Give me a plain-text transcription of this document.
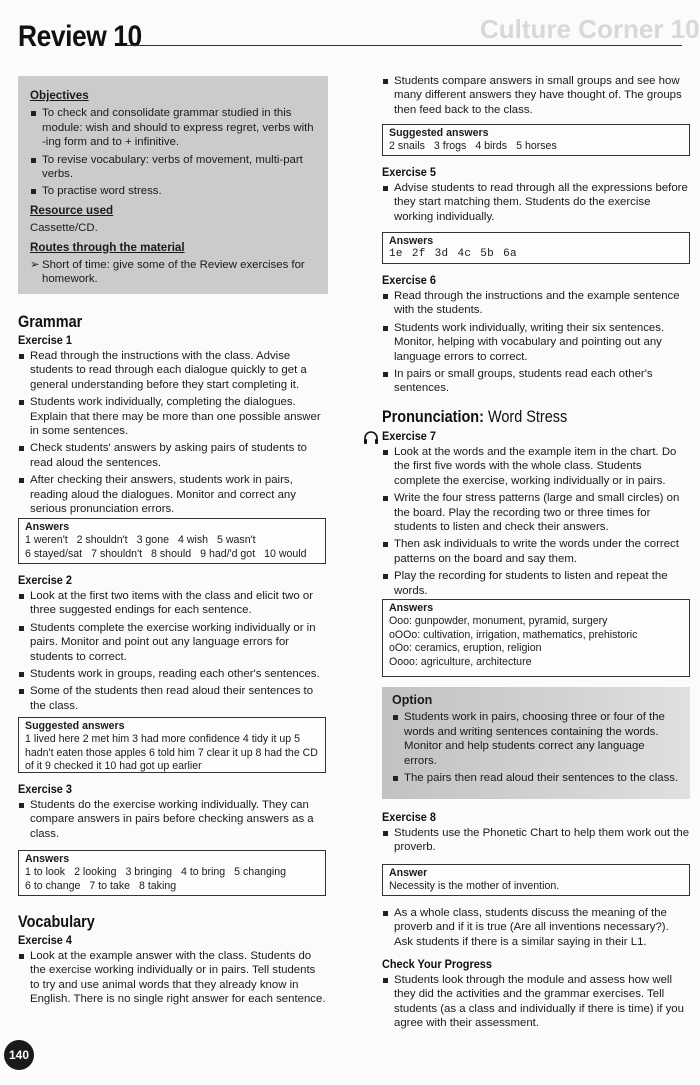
Culture Corner 10
Review 10
Objectives
To check and consolidate grammar studied in this module: wish and should to express regret, verbs with -ing form and to + infinitive.
To revise vocabulary: verbs of movement, multi-part verbs.
To practise word stress.
Resource used

Cassette/CD.

Routes through the material
➢ Short of time: give some of the Review exercises for homework.
Grammar
Exercise 1
Read through the instructions with the class. Advise students to read through each dialogue quickly to get a general understanding before they start completing it.
Students work individually, completing the dialogues. Explain that there may be more than one possible answer in some sentences.
Check students' answers by asking pairs of students to read aloud the sentences.
After checking their answers, students work in pairs, reading aloud the dialogues. Monitor and correct any serious pronunciation errors.
Answers
1 weren't 2 shouldn't 3 gone 4 wish 5 wasn't
6 stayed/sat 7 shouldn't 8 should 9 had/'d got 10 would
Exercise 2
Look at the first two items with the class and elicit two or three suggested endings for each sentence.
Students complete the exercise working individually or in pairs. Monitor and point out any language errors for students to correct.
Students work in groups, reading each other's sentences.
Some of the students then read aloud their sentences to the class.
Suggested answers
1 lived here 2 met him 3 had more confidence 4 tidy it up 5 hadn't eaten those apples 6 told him 7 clear it up 8 had the CD of it 9 checked it 10 had got up earlier
Exercise 3
Students do the exercise working individually. They can compare answers in pairs before checking answers as a class.
Answers
1 to look 2 looking 3 bringing 4 to bring 5 changing
6 to change 7 to take 8 taking
Vocabulary
Exercise 4
Look at the example answer with the class. Students do the exercise working individually or in pairs. Tell students to try and use animal words that they already know in English. There is no single right answer for each sentence.
Students compare answers in small groups and see how many different answers they have thought of. The groups then feed back to the class.
Suggested answers
2 snails 3 frogs 4 birds 5 horses
Exercise 5
Advise students to read through all the expressions before they start matching them. Students do the exercise working individually.
Answers
1e 2f 3d 4c 5b 6a
Exercise 6
Read through the instructions and the example sentence with the students.
Students work individually, writing their six sentences. Monitor, helping with vocabulary and pointing out any language errors to correct.
In pairs or small groups, students read each other's sentences.
Pronunciation: Word Stress
Exercise 7
Look at the words and the example item in the chart. Do the first five words with the whole class. Students complete the exercise, working individually or in pairs.
Write the four stress patterns (large and small circles) on the board. Play the recording two or three times for students to listen and check their answers.
Then ask individuals to write the words under the correct patterns on the board and say them.
Play the recording for students to listen and repeat the words.
Answers
Ooo: gunpowder, monument, pyramid, surgery
oOOo: cultivation, irrigation, mathematics, prehistoric
oOo: ceramics, eruption, religion
Oooo: agriculture, architecture
Option
Students work in pairs, choosing three or four of the words and writing sentences containing the words. Monitor and help students correct any language errors.
The pairs then read aloud their sentences to the class.
Exercise 8
Students use the Phonetic Chart to help them work out the proverb.
Answer
Necessity is the mother of invention.
As a whole class, students discuss the meaning of the proverb and if it is true (Are all inventions necessary?). Ask students if there is a similar saying in their L1.
Check Your Progress
Students look through the module and assess how well they did the activities and the grammar exercises. Tell students (as a class and individually if there is time) if you agree with their assessment.
140
